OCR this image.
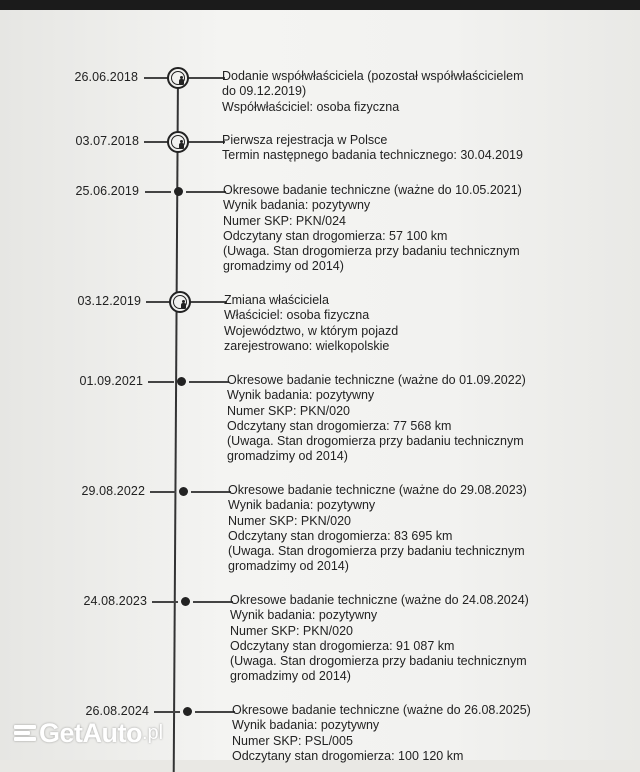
26.06.2018	Dodanie współwłaściciela (pozostał współwłaścicielem
do 09.12.2019)
Współwłaściciel: osoba fizyczna
03.07.2018	Pierwsza rejestracja w Polsce
Termin następnego badania technicznego: 30.04.2019
25.06.2019	Okresowe badanie techniczne (ważne do 10.05.2021)
Wynik badania: pozytywny
Numer SKP: PKN/024
Odczytany stan drogomierza: 57 100 km
(Uwaga. Stan drogomierza przy badaniu technicznym
gromadzimy od 2014)
03.12.2019	Zmiana właściciela
Właściciel: osoba fizyczna
Województwo, w którym pojazd
zarejestrowano: wielkopolskie
01.09.2021	Okresowe badanie techniczne (ważne do 01.09.2022)
Wynik badania: pozytywny
Numer SKP: PKN/020
Odczytany stan drogomierza: 77 568 km
(Uwaga. Stan drogomierza przy badaniu technicznym
gromadzimy od 2014)
29.08.2022	Okresowe badanie techniczne (ważne do 29.08.2023)
Wynik badania: pozytywny
Numer SKP: PKN/020
Odczytany stan drogomierza: 83 695 km
(Uwaga. Stan drogomierza przy badaniu technicznym
gromadzimy od 2014)
24.08.2023	Okresowe badanie techniczne (ważne do 24.08.2024)
Wynik badania: pozytywny
Numer SKP: PKN/020
Odczytany stan drogomierza: 91 087 km
(Uwaga. Stan drogomierza przy badaniu technicznym
gromadzimy od 2014)
26.08.2024	Okresowe badanie techniczne (ważne do 26.08.2025)
Wynik badania: pozytywny
Numer SKP: PSL/005
Odczytany stan drogomierza: 100 120 km
GetAuto .pl
